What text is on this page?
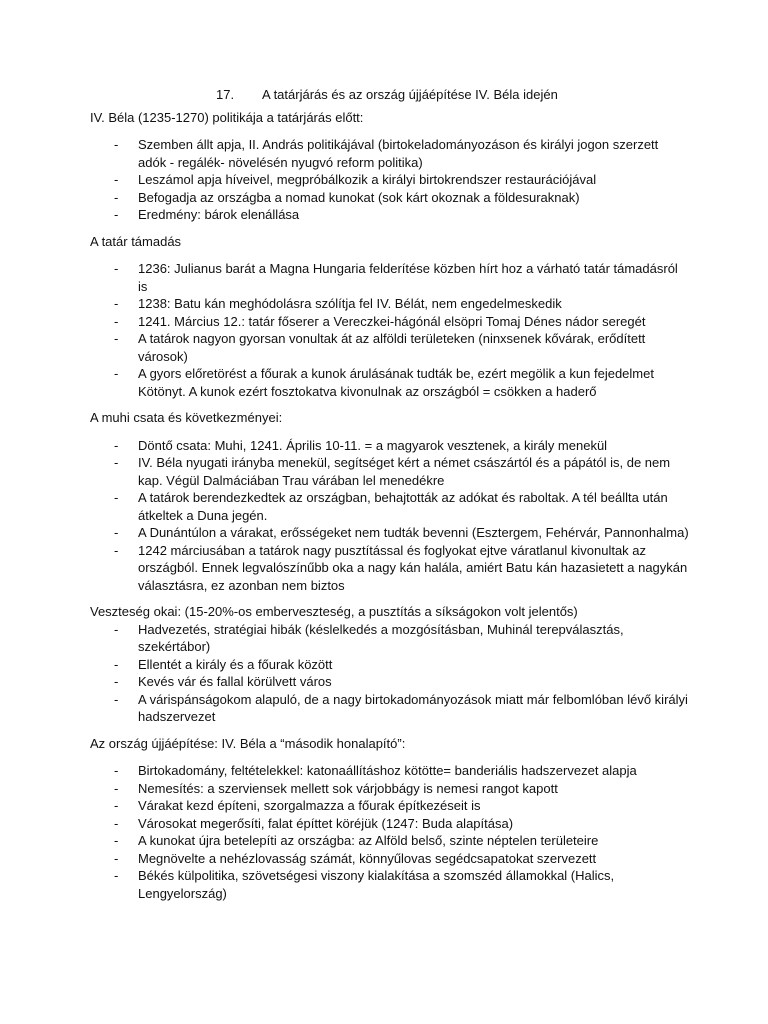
17. A tatárjárás és az ország újjáépítése IV. Béla idején

IV. Béla (1235-1270) politikája a tatárjárás előtt:

- Szemben állt apja, II. András politikájával (birtokeladományozáson és királyi jogon szerzett adók - regálék- növelésén nyugvó reform politika)
- Leszámol apja híveivel, megpróbálkozik a királyi birtokrendszer restaurációjával
- Befogadja az országba a nomad kunokat (sok kárt okoznak a földesuraknak)
- Eredmény: bárok elenállása

A tatár támadás

- 1236: Julianus barát a Magna Hungaria felderítése közben hírt hoz a várható tatár támadásról is
- 1238: Batu kán meghódolásra szólítja fel IV. Bélát, nem engedelmeskedik
- 1241. Március 12.: tatár főserег a Vereczkei-hágónál elsöpri Tomaj Dénes nádor seregét
- A tatárok nagyon gyorsan vonultak át az alföldi területeken (ninxsenek kővárak, erődített városok)
- A gyors előretörést a főurak a kunok árulásának tudták be, ezért megölik a kun fejedelmet Kötönyt. A kunok ezért fosztokatva kivonulnak az országból = csökken a haderő

A muhi csata és következményei:

- Döntő csata: Muhi, 1241. Április 10-11. = a magyarok vesztenek, a király menekül
- IV. Béla nyugati irányba menekül, segítséget kért a német császártól és a pápától is, de nem kap. Végül Dalmáciában Trau várában lel menedékre
- A tatárok berendezkedtek az országban, behajtották az adókat és raboltak. A tél beállta után átkeltek a Duna jegén.
- A Dunántúlon a várakat, erősségeket nem tudták bevenni (Esztergem, Fehérvár, Pannonhalma)
- 1242 márciusában a tatárok nagy pusztítással és foglyokat ejtve váratlanul kivonultak az országból. Ennek legvalószínűbb oka a nagy kán halála, amiért Batu kán hazasietett a nagykán választásra, ez azonban nem biztos

Veszteség okai: (15-20%-os emberveszteség, a pusztítás a síkságokon volt jelentős)

- Hadvezetés, stratégiai hibák (késlelkedés a mozgósításban, Muhinál terepválasztás, szekértábor)
- Ellentét a király és a főurak között
- Kevés vár és fallal körülvett város
- A várispánságokom alapuló, de a nagy birtokadományozások miatt már felbomlóban lévő királyi hadszervezet

Az ország újjáépítése: IV. Béla a “második honalapító”:

- Birtokadomány, feltételekkel: katonaállításhoz kötötte= banderiális hadszervezet alapja
- Nemesítés: a szerviensek mellett sok várjobbágy is nemesi rangot kapott
- Várakat kezd építeni, szorgalmazza a főurak építkezéseit is
- Városokat megerősíti, falat építtet köréjük (1247: Buda alapítása)
- A kunokat újra betelepíti az országba: az Alföld belső, szinte néptelen területeire
- Megnövelte a nehézlovasság számát, könnyűlovas segédcsapatokat szervezett
- Békés külpolitika, szövetségesi viszony kialakítása a szomszéd államokkal (Halics, Lengyelország)
